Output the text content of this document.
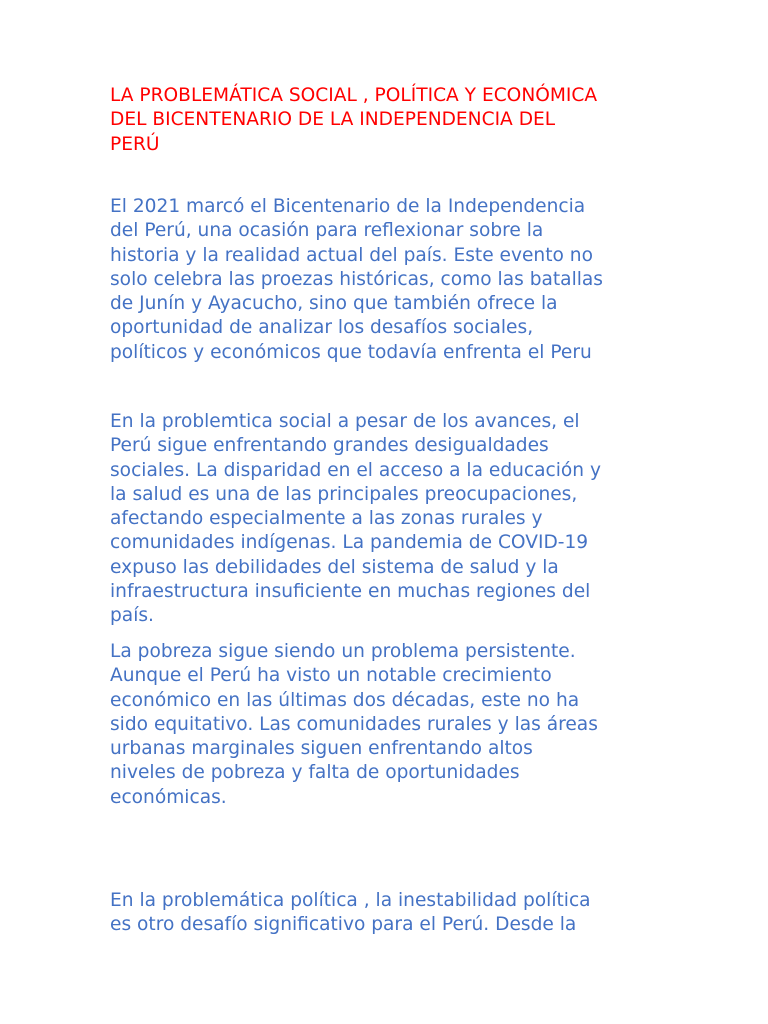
LA PROBLEMÁTICA SOCIAL , POLÍTICA Y ECONÓMICA
DEL BICENTENARIO DE LA INDEPENDENCIA DEL
PERÚ

El 2021 marcó el Bicentenario de la Independencia
del Perú, una ocasión para reflexionar sobre la
historia y la realidad actual del país. Este evento no
solo celebra las proezas históricas, como las batallas
de Junín y Ayacucho, sino que también ofrece la
oportunidad de analizar los desafíos sociales,
políticos y económicos que todavía enfrenta el Peru

En la problemtica social a pesar de los avances, el
Perú sigue enfrentando grandes desigualdades
sociales. La disparidad en el acceso a la educación y
la salud es una de las principales preocupaciones,
afectando especialmente a las zonas rurales y
comunidades indígenas. La pandemia de COVID-19
expuso las debilidades del sistema de salud y la
infraestructura insuficiente en muchas regiones del
país.

La pobreza sigue siendo un problema persistente.
Aunque el Perú ha visto un notable crecimiento
económico en las últimas dos décadas, este no ha
sido equitativo. Las comunidades rurales y las áreas
urbanas marginales siguen enfrentando altos
niveles de pobreza y falta de oportunidades
económicas.

En la problemática política , la inestabilidad política
es otro desafío significativo para el Perú. Desde la
